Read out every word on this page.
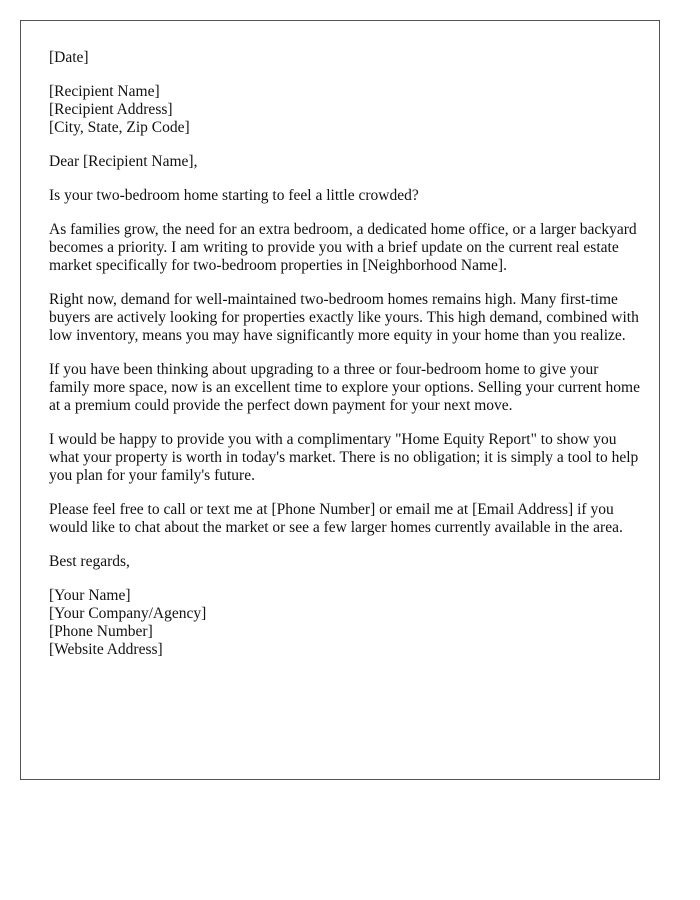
[Date]

[Recipient Name]
[Recipient Address]
[City, State, Zip Code]

Dear [Recipient Name],

Is your two-bedroom home starting to feel a little crowded?

As families grow, the need for an extra bedroom, a dedicated home office, or a larger backyard becomes a priority. I am writing to provide you with a brief update on the current real estate market specifically for two-bedroom properties in [Neighborhood Name].

Right now, demand for well-maintained two-bedroom homes remains high. Many first-time buyers are actively looking for properties exactly like yours. This high demand, combined with low inventory, means you may have significantly more equity in your home than you realize.

If you have been thinking about upgrading to a three or four-bedroom home to give your family more space, now is an excellent time to explore your options. Selling your current home at a premium could provide the perfect down payment for your next move.

I would be happy to provide you with a complimentary "Home Equity Report" to show you what your property is worth in today's market. There is no obligation; it is simply a tool to help you plan for your family's future.

Please feel free to call or text me at [Phone Number] or email me at [Email Address] if you would like to chat about the market or see a few larger homes currently available in the area.

Best regards,

[Your Name]
[Your Company/Agency]
[Phone Number]
[Website Address]
